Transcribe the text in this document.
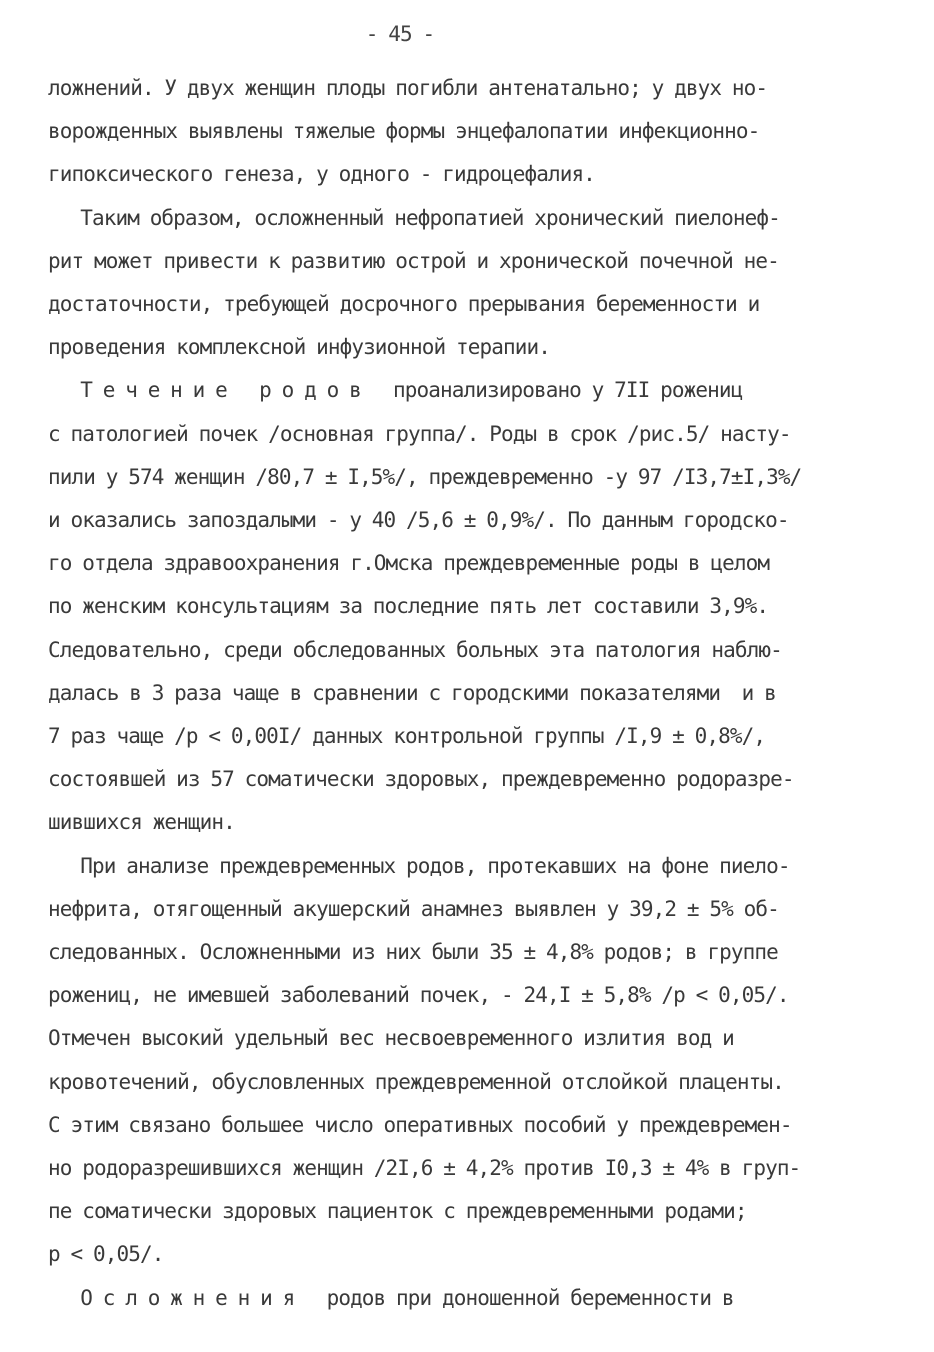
- 45 -
ложнений. У двух женщин плоды погибли антенатально; у двух но-
ворожденных выявлены тяжелые формы энцефалопатии инфекционно-
гипоксического генеза, у одного - гидроцефалия.
Таким образом, осложненный нефропатией хронический пиелонеф-
рит может привести к развитию острой и хронической почечной не-
достаточности, требующей досрочного прерывания беременности и
проведения комплексной инфузионной терапии.
Т е ч е н и е   р о д о в   проанализировано у 7II рожениц
с патологией почек /основная группа/. Роды в срок /рис.5/ насту-
пили у 574 женщин /80,7 ± I,5%/, преждевременно -у 97 /I3,7±I,3%/
и оказались запоздалыми - у 40 /5,6 ± 0,9%/. По данным городско-
го отдела здравоохранения г.Омска преждевременные роды в целом
по женским консультациям за последние пять лет составили 3,9%.
Следовательно, среди обследованных больных эта патология наблю-
далась в 3 раза чаще в сравнении с городскими показателями  и в
7 раз чаще /p < 0,00I/ данных контрольной группы /I,9 ± 0,8%/,
состоявшей из 57 соматически здоровых, преждевременно родоразре-
шившихся женщин.
При анализе преждевременных родов, протекавших на фоне пиело-
нефрита, отягощенный акушерский анамнез выявлен у 39,2 ± 5% об-
следованных. Осложненными из них были 35 ± 4,8% родов; в группе
рожениц, не имевшей заболеваний почек, - 24,I ± 5,8% /p < 0,05/.
Отмечен высокий удельный вес несвоевременного излития вод и
кровотечений, обусловленных преждевременной отслойкой плаценты.
С этим связано большее число оперативных пособий у преждевремен-
но родоразрешившихся женщин /2I,6 ± 4,2% против I0,3 ± 4% в груп-
пе соматически здоровых пациенток с преждевременными родами;
p < 0,05/.
О с л о ж н е н и я   родов при доношенной беременности в
